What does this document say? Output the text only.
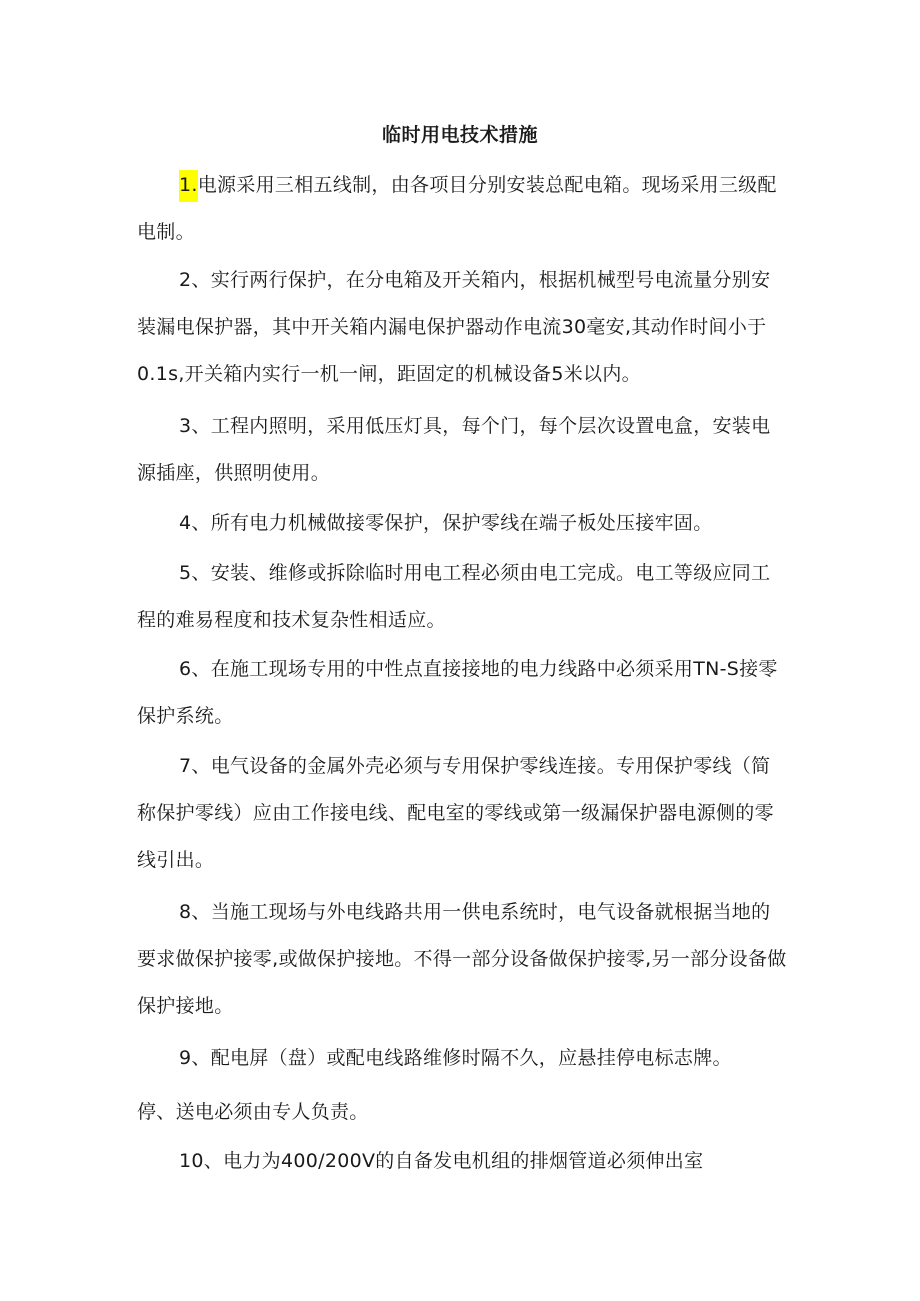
临时用电技术措施

1.电源采用三相五线制，由各项目分别安装总配电箱。现场采用三级配电制。

2、实行两行保护，在分电箱及开关箱内，根据机械型号电流量分别安装漏电保护器，其中开关箱内漏电保护器动作电流30毫安,其动作时间小于0.1s,开关箱内实行一机一闸，距固定的机械设备5米以内。

3、工程内照明，采用低压灯具，每个门，每个层次设置电盒，安装电源插座，供照明使用。

4、所有电力机械做接零保护，保护零线在端子板处压接牢固。

5、安装、维修或拆除临时用电工程必须由电工完成。电工等级应同工程的难易程度和技术复杂性相适应。

6、在施工现场专用的中性点直接接地的电力线路中必须采用TN-S接零保护系统。

7、电气设备的金属外壳必须与专用保护零线连接。专用保护零线（简称保护零线）应由工作接电线、配电室的零线或第一级漏保护器电源侧的零线引出。

8、当施工现场与外电线路共用一供电系统时，电气设备就根据当地的要求做保护接零,或做保护接地。不得一部分设备做保护接零,另一部分设备做保护接地。

9、配电屏（盘）或配电线路维修时隔不久，应悬挂停电标志牌。

停、送电必须由专人负责。

10、电力为400/200V的自备发电机组的排烟管道必须伸出室
